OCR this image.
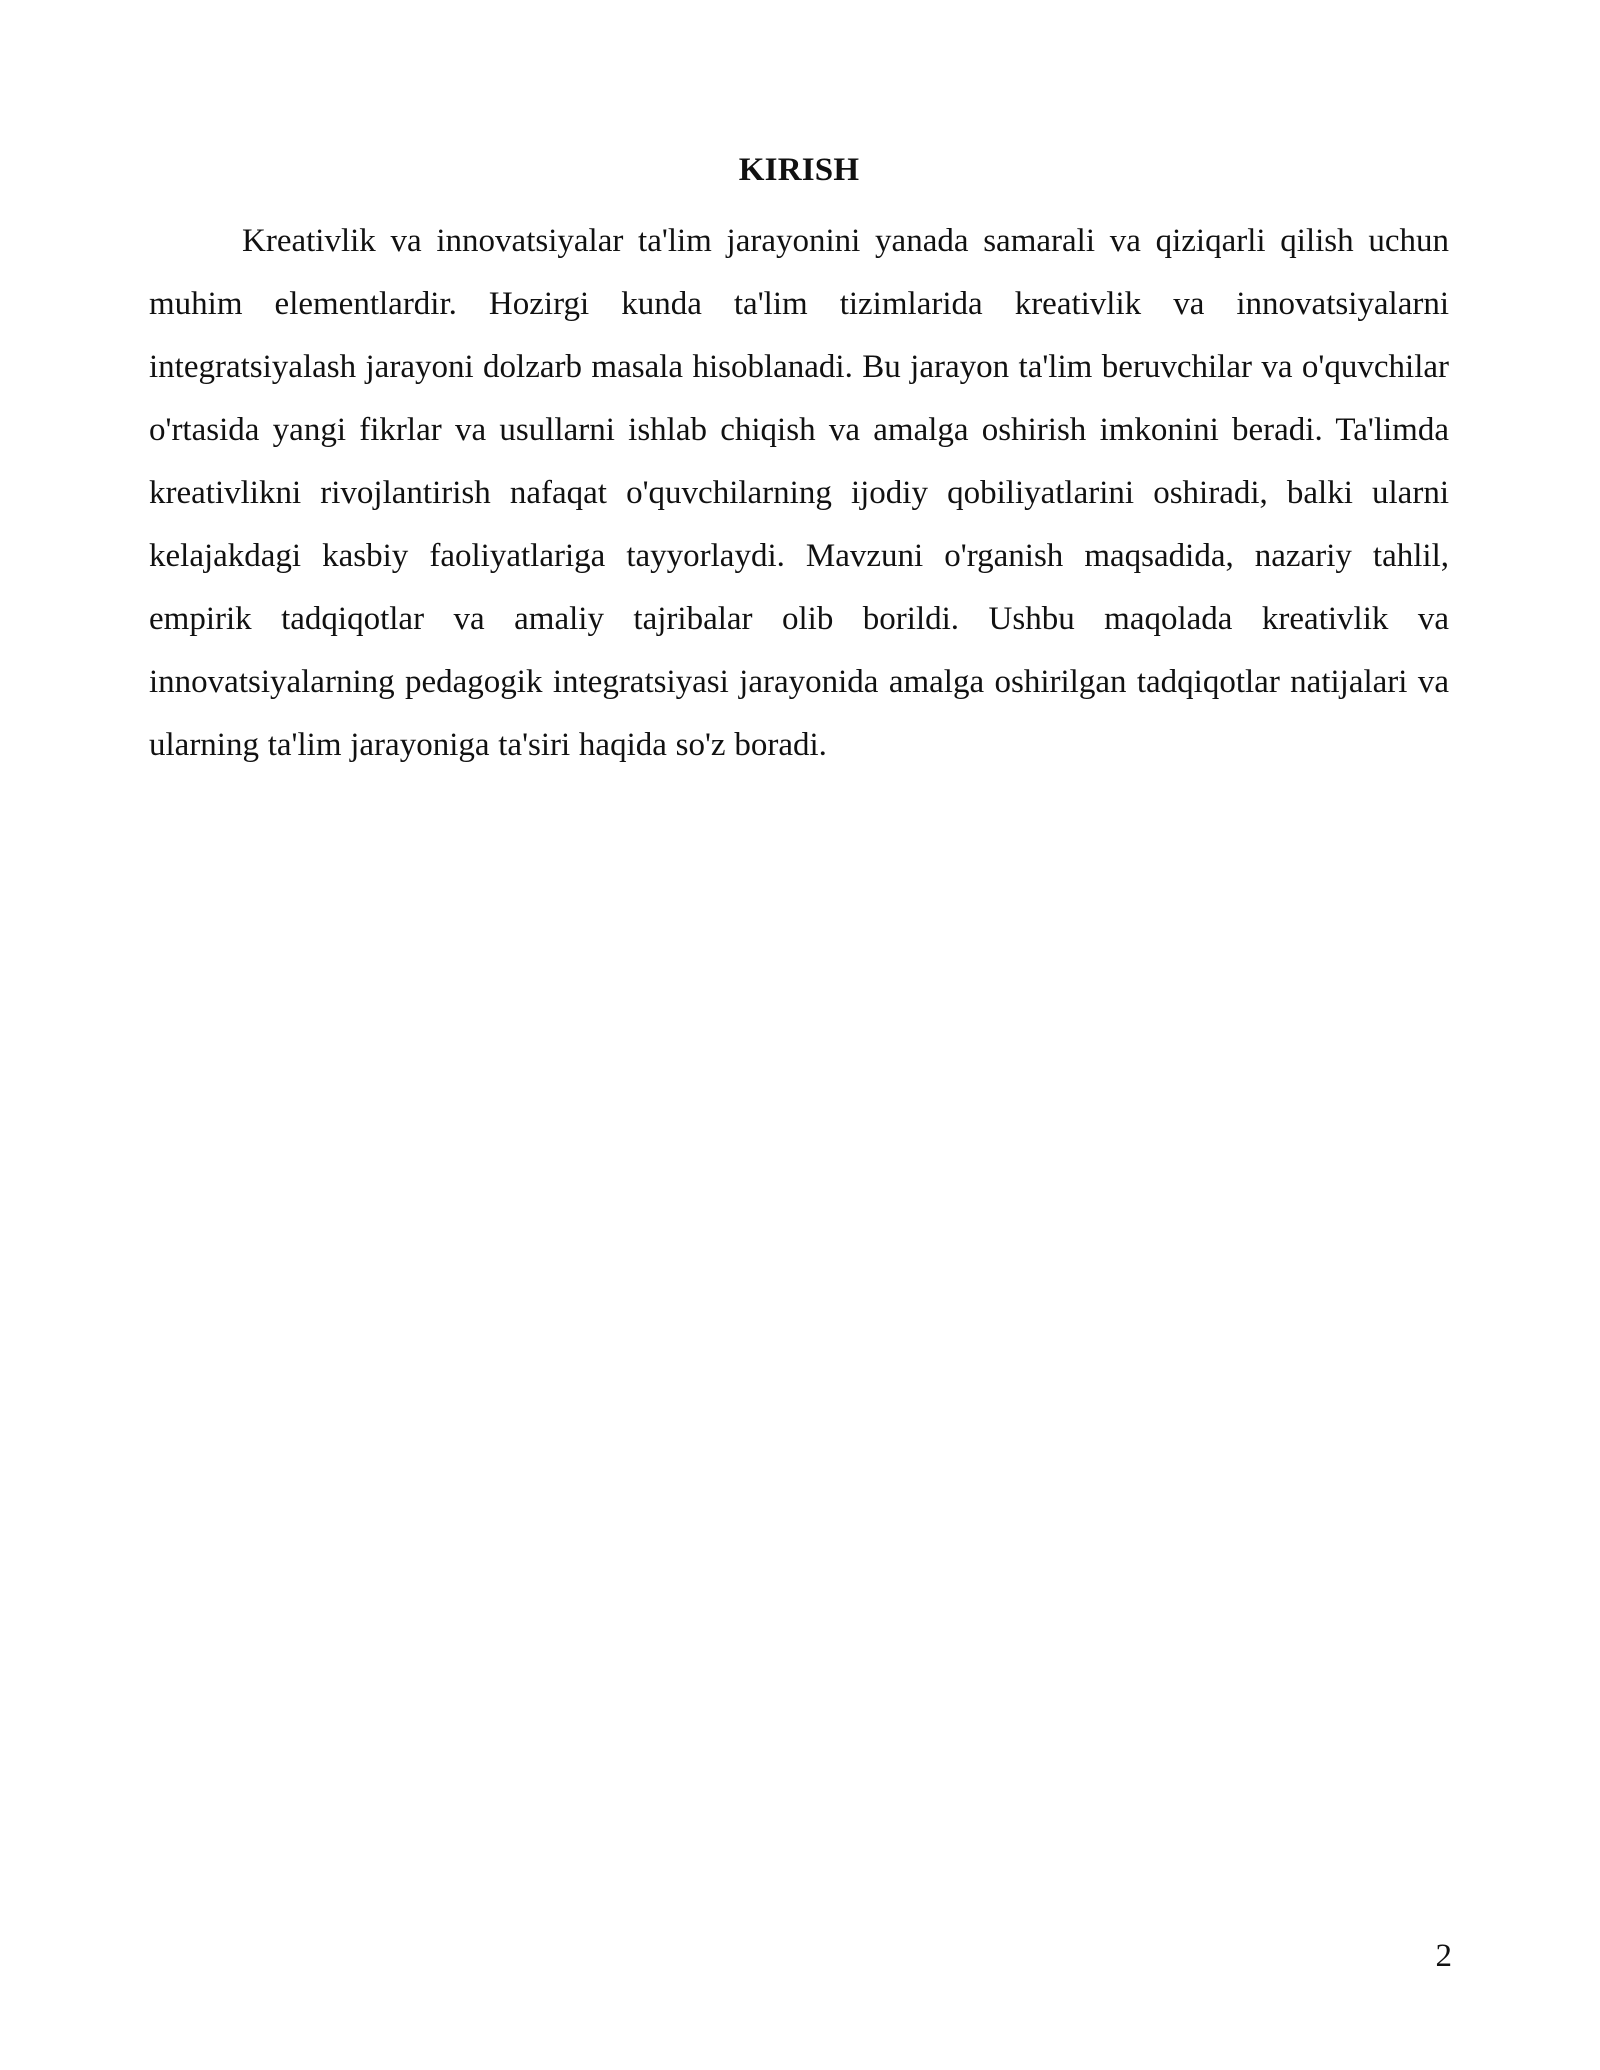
KIRISH

Kreativlik va innovatsiyalar ta'lim jarayonini yanada samarali va qiziqarli qilish uchun muhim elementlardir. Hozirgi kunda ta'lim tizimlarida kreativlik va innovatsiyalarni integratsiyalash jarayoni dolzarb masala hisoblanadi. Bu jarayon ta'lim beruvchilar va o'quvchilar o'rtasida yangi fikrlar va usullarni ishlab chiqish va amalga oshirish imkonini beradi. Ta'limda kreativlikni rivojlantirish nafaqat o'quvchilarning ijodiy qobiliyatlarini oshiradi, balki ularni kelajakdagi kasbiy faoliyatlariga tayyorlaydi. Mavzuni o'rganish maqsadida, nazariy tahlil, empirik tadqiqotlar va amaliy tajribalar olib borildi. Ushbu maqolada kreativlik va innovatsiyalarning pedagogik integratsiyasi jarayonida amalga oshirilgan tadqiqotlar natijalari va ularning ta'lim jarayoniga ta'siri haqida so'z boradi.

2
